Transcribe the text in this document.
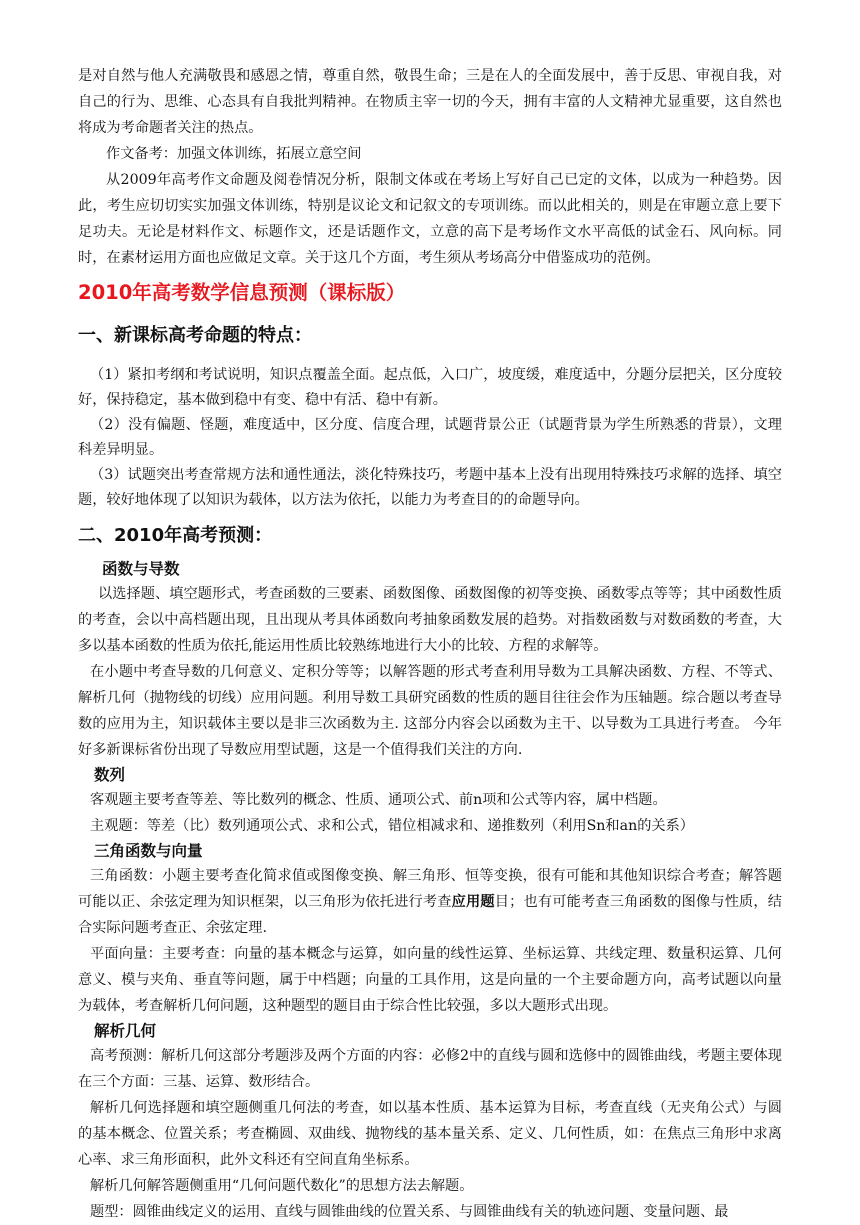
是对自然与他人充满敬畏和感恩之情，尊重自然，敬畏生命；三是在人的全面发展中，善于反思、审视自我，对自己的行为、思维、心态具有自我批判精神。在物质主宰一切的今天，拥有丰富的人文精神尤显重要，这自然也将成为考命题者关注的热点。

作文备考：加强文体训练，拓展立意空间

从2009年高考作文命题及阅卷情况分析，限制文体或在考场上写好自己已定的文体，以成为一种趋势。因此，考生应切切实实加强文体训练，特别是议论文和记叙文的专项训练。而以此相关的，则是在审题立意上要下足功夫。无论是材料作文、标题作文，还是话题作文，立意的高下是考场作文水平高低的试金石、风向标。同时，在素材运用方面也应做足文章。关于这几个方面，考生须从考场高分中借鉴成功的范例。

2010年高考数学信息预测（课标版）
一、新课标高考命题的特点：

（1）紧扣考纲和考试说明，知识点覆盖全面。起点低，入口广，坡度缓，难度适中，分题分层把关，区分度较好，保持稳定，基本做到稳中有变、稳中有活、稳中有新。

（2）没有偏题、怪题，难度适中，区分度、信度合理，试题背景公正（试题背景为学生所熟悉的背景），文理科差异明显。

（3）试题突出考查常规方法和通性通法，淡化特殊技巧，考题中基本上没有出现用特殊技巧求解的选择、填空题，较好地体现了以知识为载体，以方法为依托，以能力为考查目的的命题导向。

二、2010年高考预测：
函数与导数

以选择题、填空题形式，考查函数的三要素、函数图像、函数图像的初等变换、函数零点等等；其中函数性质的考查，会以中高档题出现，且出现从考具体函数向考抽象函数发展的趋势。对指数函数与对数函数的考查，大多以基本函数的性质为依托,能运用性质比较熟练地进行大小的比较、方程的求解等。

在小题中考查导数的几何意义、定积分等等；以解答题的形式考查利用导数为工具解决函数、方程、不等式、解析几何（抛物线的切线）应用问题。利用导数工具研究函数的性质的题目往往会作为压轴题。综合题以考查导数的应用为主，知识载体主要以是非三次函数为主. 这部分内容会以函数为主干、以导数为工具进行考查。 今年好多新课标省份出现了导数应用型试题，这是一个值得我们关注的方向.

数列

客观题主要考查等差、等比数列的概念、性质、通项公式、前n项和公式等内容，属中档题。

主观题：等差（比）数列通项公式、求和公式，错位相减求和、递推数列（利用Sn和an的关系）

三角函数与向量

三角函数：小题主要考查化简求值或图像变换、解三角形、恒等变换，很有可能和其他知识综合考查；解答题可能以正、余弦定理为知识框架，以三角形为依托进行考查应用题目；也有可能考查三角函数的图像与性质，结合实际问题考查正、余弦定理.

平面向量：主要考查：向量的基本概念与运算，如向量的线性运算、坐标运算、共线定理、数量积运算、几何意义、模与夹角、垂直等问题，属于中档题；向量的工具作用，这是向量的一个主要命题方向，高考试题以向量为载体，考查解析几何问题，这种题型的题目由于综合性比较强，多以大题形式出现。

解析几何

高考预测：解析几何这部分考题涉及两个方面的内容：必修2中的直线与圆和选修中的圆锥曲线，考题主要体现在三个方面：三基、运算、数形结合。

解析几何选择题和填空题侧重几何法的考查，如以基本性质、基本运算为目标，考查直线（无夹角公式）与圆的基本概念、位置关系；考查椭圆、双曲线、抛物线的基本量关系、定义、几何性质，如：在焦点三角形中求离心率、求三角形面积，此外文科还有空间直角坐标系。

解析几何解答题侧重用“几何问题代数化”的思想方法去解题。

题型：圆锥曲线定义的运用、直线与圆锥曲线的位置关系、与圆锥曲线有关的轨迹问题、变量问题、最
